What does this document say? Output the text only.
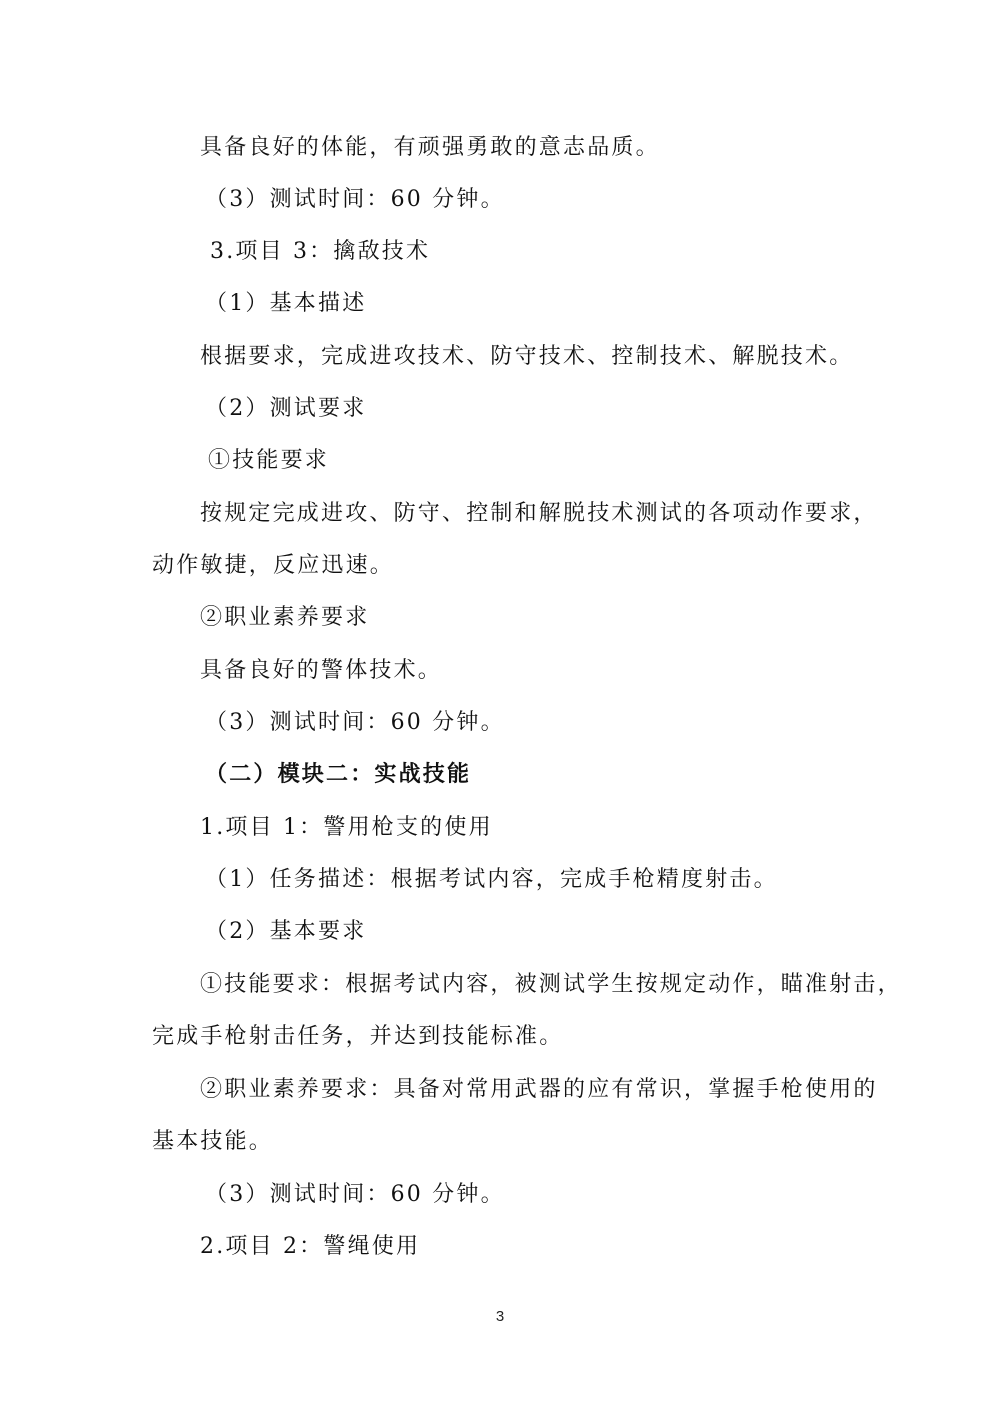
具备良好的体能，有顽强勇敢的意志品质。
（3）测试时间：60 分钟。
3.项目 3：擒敌技术
（1）基本描述
根据要求，完成进攻技术、防守技术、控制技术、解脱技术。
（2）测试要求
①技能要求
按规定完成进攻、防守、控制和解脱技术测试的各项动作要求，
动作敏捷，反应迅速。
②职业素养要求
具备良好的警体技术。
（3）测试时间：60 分钟。
（二）模块二：实战技能
1.项目 1：警用枪支的使用
（1）任务描述：根据考试内容，完成手枪精度射击。
（2）基本要求
①技能要求：根据考试内容，被测试学生按规定动作，瞄准射击，
完成手枪射击任务，并达到技能标准。
②职业素养要求：具备对常用武器的应有常识，掌握手枪使用的
基本技能。
（3）测试时间：60 分钟。
2.项目 2：警绳使用
3
